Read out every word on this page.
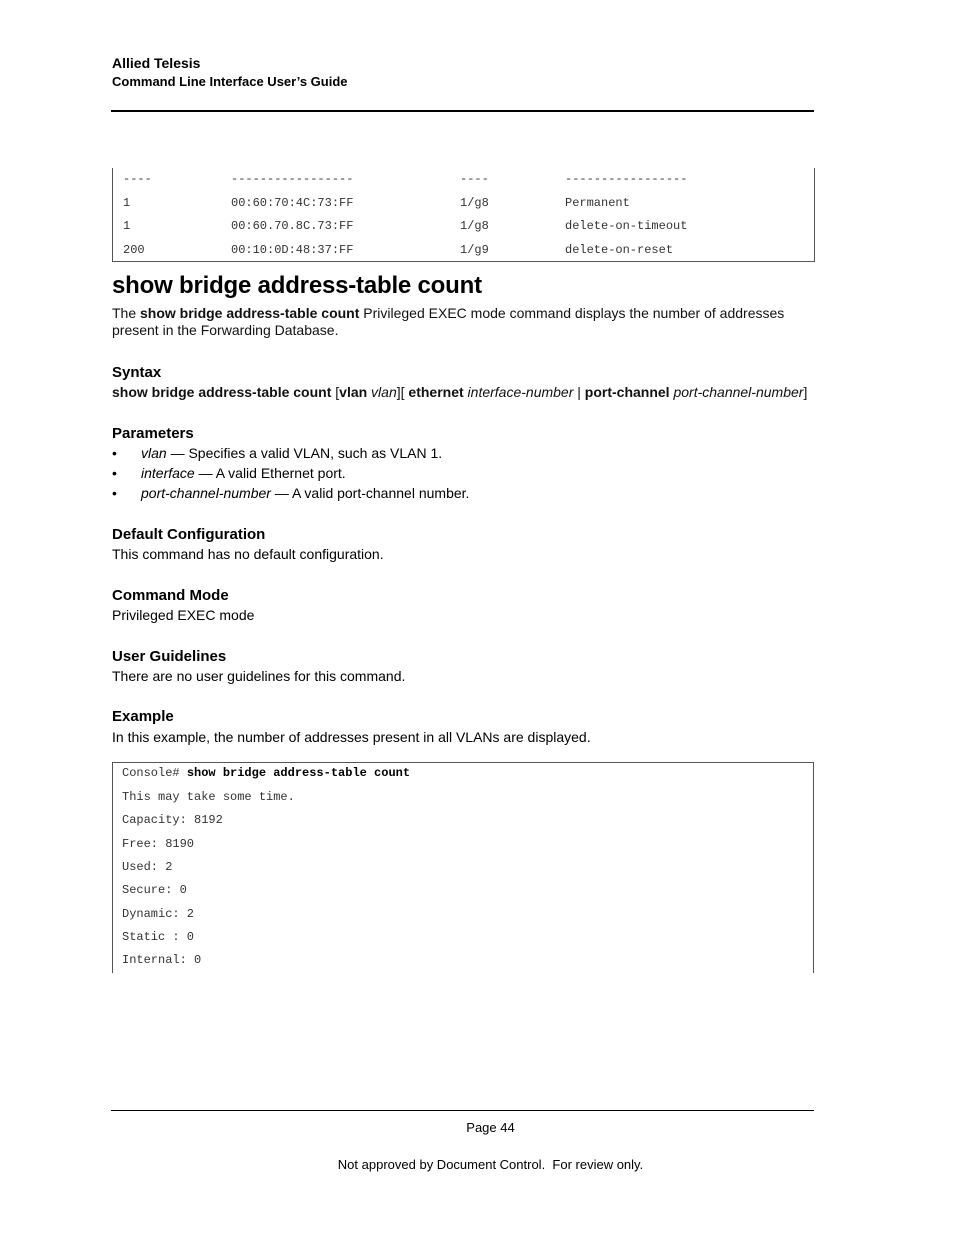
Allied Telesis
Command Line Interface User’s Guide
----	-----------------	----	-----------------
1	00:60:70:4C:73:FF	1/g8	Permanent
1	00:60.70.8C.73:FF	1/g8	delete-on-timeout
200	00:10:0D:48:37:FF	1/g9	delete-on-reset
show bridge address-table count
The show bridge address-table count Privileged EXEC mode command displays the number of addresses present in the Forwarding Database.
Syntax
show bridge address-table count [vlan vlan][ ethernet interface-number | port-channel port-channel-number]
Parameters
• vlan — Specifies a valid VLAN, such as VLAN 1.
• interface — A valid Ethernet port.
• port-channel-number — A valid port-channel number.
Default Configuration
This command has no default configuration.
Command Mode
Privileged EXEC mode
User Guidelines
There are no user guidelines for this command.
Example
In this example, the number of addresses present in all VLANs are displayed.
Console# show bridge address-table count
This may take some time.
Capacity: 8192
Free: 8190
Used: 2
Secure: 0
Dynamic: 2
Static : 0
Internal: 0
Page 44
Not approved by Document Control.  For review only.
